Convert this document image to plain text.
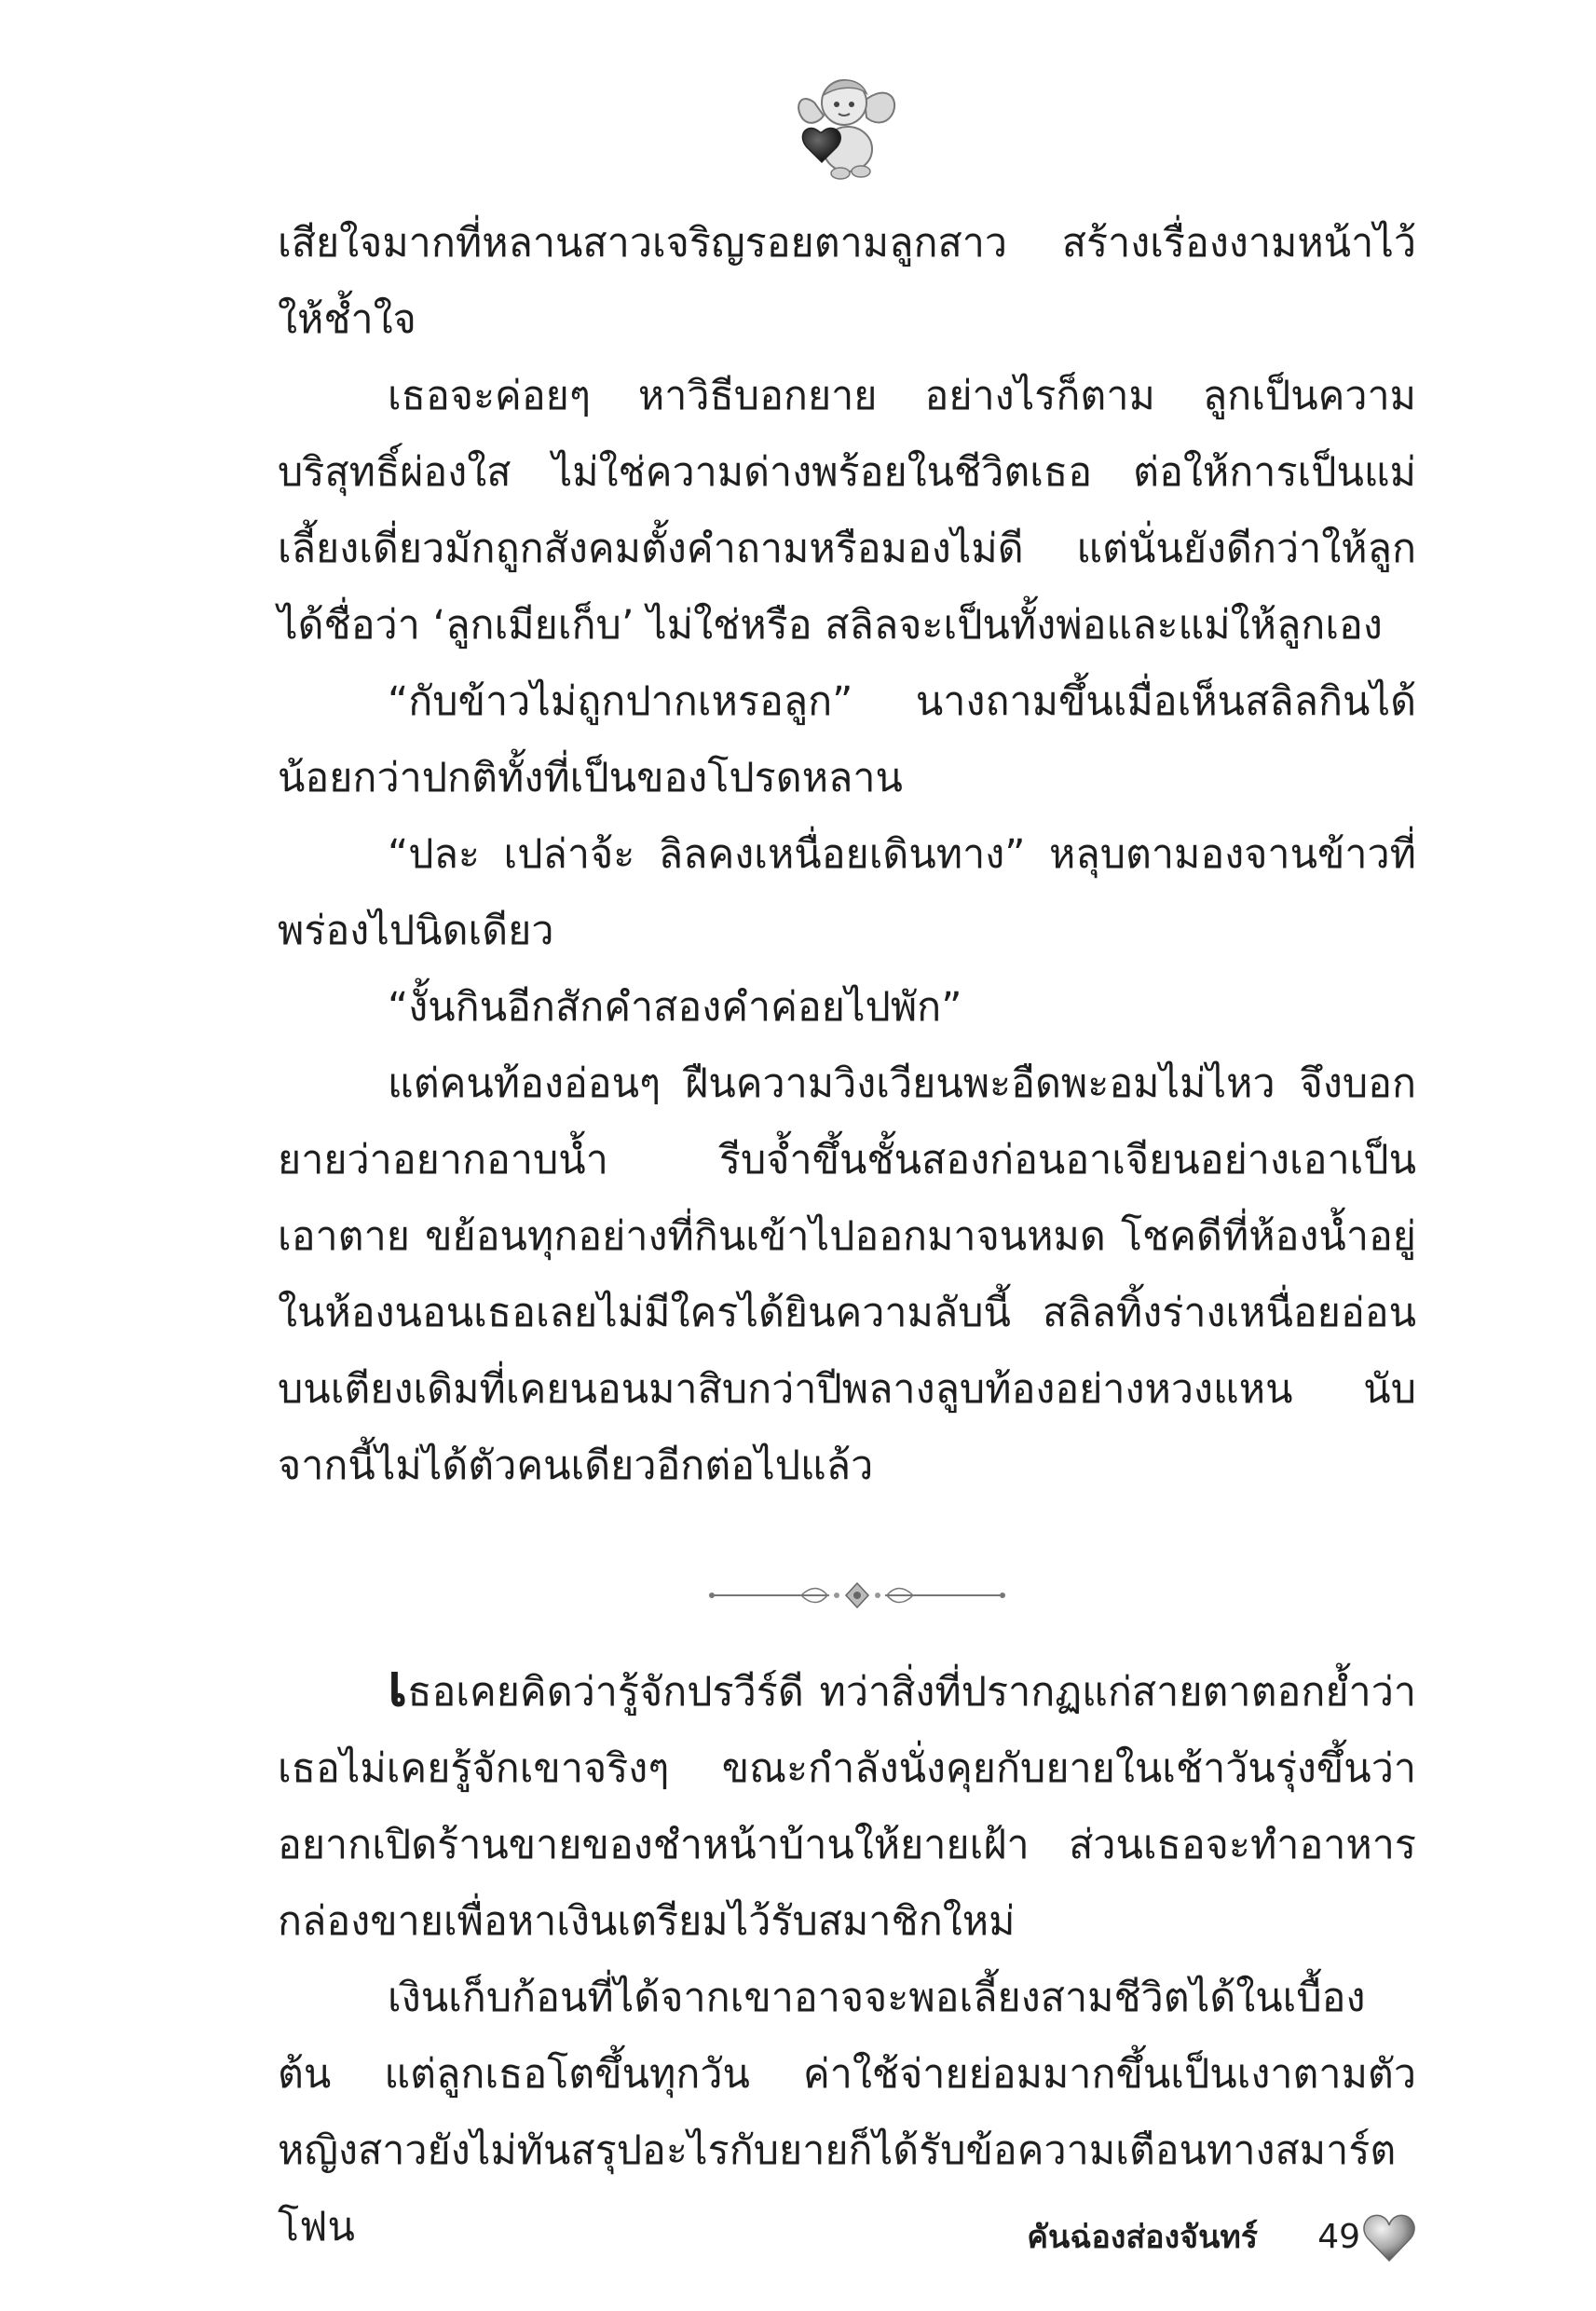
เสียใจมากที่หลานสาวเจริญรอยตามลูกสาว สร้างเรื่องงามหน้าไว้ให้ช้ำใจ

เธอจะค่อยๆ หาวิธีบอกยาย อย่างไรก็ตาม ลูกเป็นความบริสุทธิ์ผ่องใส ไม่ใช่ความด่างพร้อยในชีวิตเธอ ต่อให้การเป็นแม่เลี้ยงเดี่ยวมักถูกสังคมตั้งคำถามหรือมองไม่ดี แต่นั่นยังดีกว่าให้ลูกได้ชื่อว่า ‘ลูกเมียเก็บ’ ไม่ใช่หรือ สลิลจะเป็นทั้งพ่อและแม่ให้ลูกเอง

“กับข้าวไม่ถูกปากเหรอลูก” นางถามขึ้นเมื่อเห็นสลิลกินได้น้อยกว่าปกติทั้งที่เป็นของโปรดหลาน

“ปละ เปล่าจ้ะ ลิลคงเหนื่อยเดินทาง” หลุบตามองจานข้าวที่พร่องไปนิดเดียว

“งั้นกินอีกสักคำสองคำค่อยไปพัก”

แต่คนท้องอ่อนๆ ฝืนความวิงเวียนพะอืดพะอมไม่ไหว จึงบอกยายว่าอยากอาบน้ำ รีบจ้ำขึ้นชั้นสองก่อนอาเจียนอย่างเอาเป็นเอาตาย ขย้อนทุกอย่างที่กินเข้าไปออกมาจนหมด โชคดีที่ห้องน้ำอยู่ในห้องนอนเธอเลยไม่มีใครได้ยินความลับนี้ สลิลทิ้งร่างเหนื่อยอ่อนบนเตียงเดิมที่เคยนอนมาสิบกว่าปีพลางลูบท้องอย่างหวงแหน นับจากนี้ไม่ได้ตัวคนเดียวอีกต่อไปแล้ว

เธอเคยคิดว่ารู้จักปรวีร์ดี ทว่าสิ่งที่ปรากฏแก่สายตาตอกย้ำว่าเธอไม่เคยรู้จักเขาจริงๆ ขณะกำลังนั่งคุยกับยายในเช้าวันรุ่งขึ้นว่าอยากเปิดร้านขายของชำหน้าบ้านให้ยายเฝ้า ส่วนเธอจะทำอาหารกล่องขายเพื่อหาเงินเตรียมไว้รับสมาชิกใหม่

เงินเก็บก้อนที่ได้จากเขาอาจจะพอเลี้ยงสามชีวิตได้ในเบื้องต้น แต่ลูกเธอโตขึ้นทุกวัน ค่าใช้จ่ายย่อมมากขึ้นเป็นเงาตามตัว หญิงสาวยังไม่ทันสรุปอะไรกับยายก็ได้รับข้อความเตือนทางสมาร์ตโฟน	คันฉ่องส่องจันทร์ 49
